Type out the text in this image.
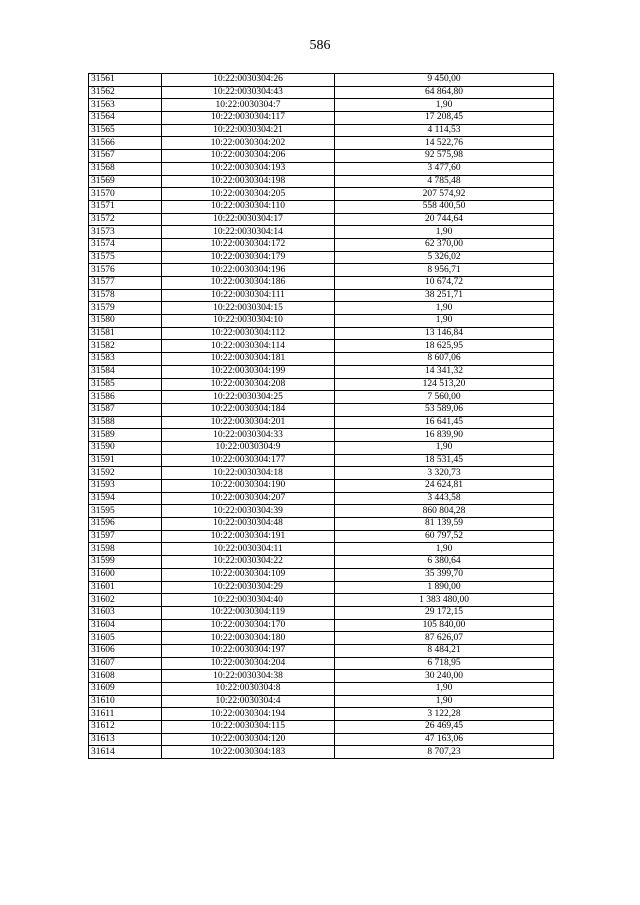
586
31561	10:22:0030304:26	9 450,00
31562	10:22:0030304:43	64 864,80
31563	10:22:0030304:7	1,90
31564	10:22:0030304:117	17 208,45
31565	10:22:0030304:21	4 114,53
31566	10:22:0030304:202	14 522,76
31567	10:22:0030304:206	92 575,98
31568	10:22:0030304:193	3 477,60
31569	10:22:0030304:198	4 785,48
31570	10:22:0030304:205	207 574,92
31571	10:22:0030304:110	558 400,50
31572	10:22:0030304:17	20 744,64
31573	10:22:0030304:14	1,90
31574	10:22:0030304:172	62 370,00
31575	10:22:0030304:179	5 326,02
31576	10:22:0030304:196	8 956,71
31577	10:22:0030304:186	10 674,72
31578	10:22:0030304:111	38 251,71
31579	10:22:0030304:15	1,90
31580	10:22:0030304:10	1,90
31581	10:22:0030304:112	13 146,84
31582	10:22:0030304:114	18 625,95
31583	10:22:0030304:181	8 607,06
31584	10:22:0030304:199	14 341,32
31585	10:22:0030304:208	124 513,20
31586	10:22:0030304:25	7 560,00
31587	10:22:0030304:184	53 589,06
31588	10:22:0030304:201	16 641,45
31589	10:22:0030304:33	16 839,90
31590	10:22:0030304:9	1,90
31591	10:22:0030304:177	18 531,45
31592	10:22:0030304:18	3 320,73
31593	10:22:0030304:190	24 624,81
31594	10:22:0030304:207	3 443,58
31595	10:22:0030304:39	860 804,28
31596	10:22:0030304:48	81 139,59
31597	10:22:0030304:191	60 797,52
31598	10:22:0030304:11	1,90
31599	10:22:0030304:22	6 380,64
31600	10:22:0030304:109	35 399,70
31601	10:22:0030304:29	1 890,00
31602	10:22:0030304:40	1 383 480,00
31603	10:22:0030304:119	29 172,15
31604	10:22:0030304:170	105 840,00
31605	10:22:0030304:180	87 626,07
31606	10:22:0030304:197	8 484,21
31607	10:22:0030304:204	6 718,95
31608	10:22:0030304:38	30 240,00
31609	10:22:0030304:8	1,90
31610	10:22:0030304:4	1,90
31611	10:22:0030304:194	3 122,28
31612	10:22:0030304:115	26 469,45
31613	10:22:0030304:120	47 163,06
31614	10:22:0030304:183	8 707,23
